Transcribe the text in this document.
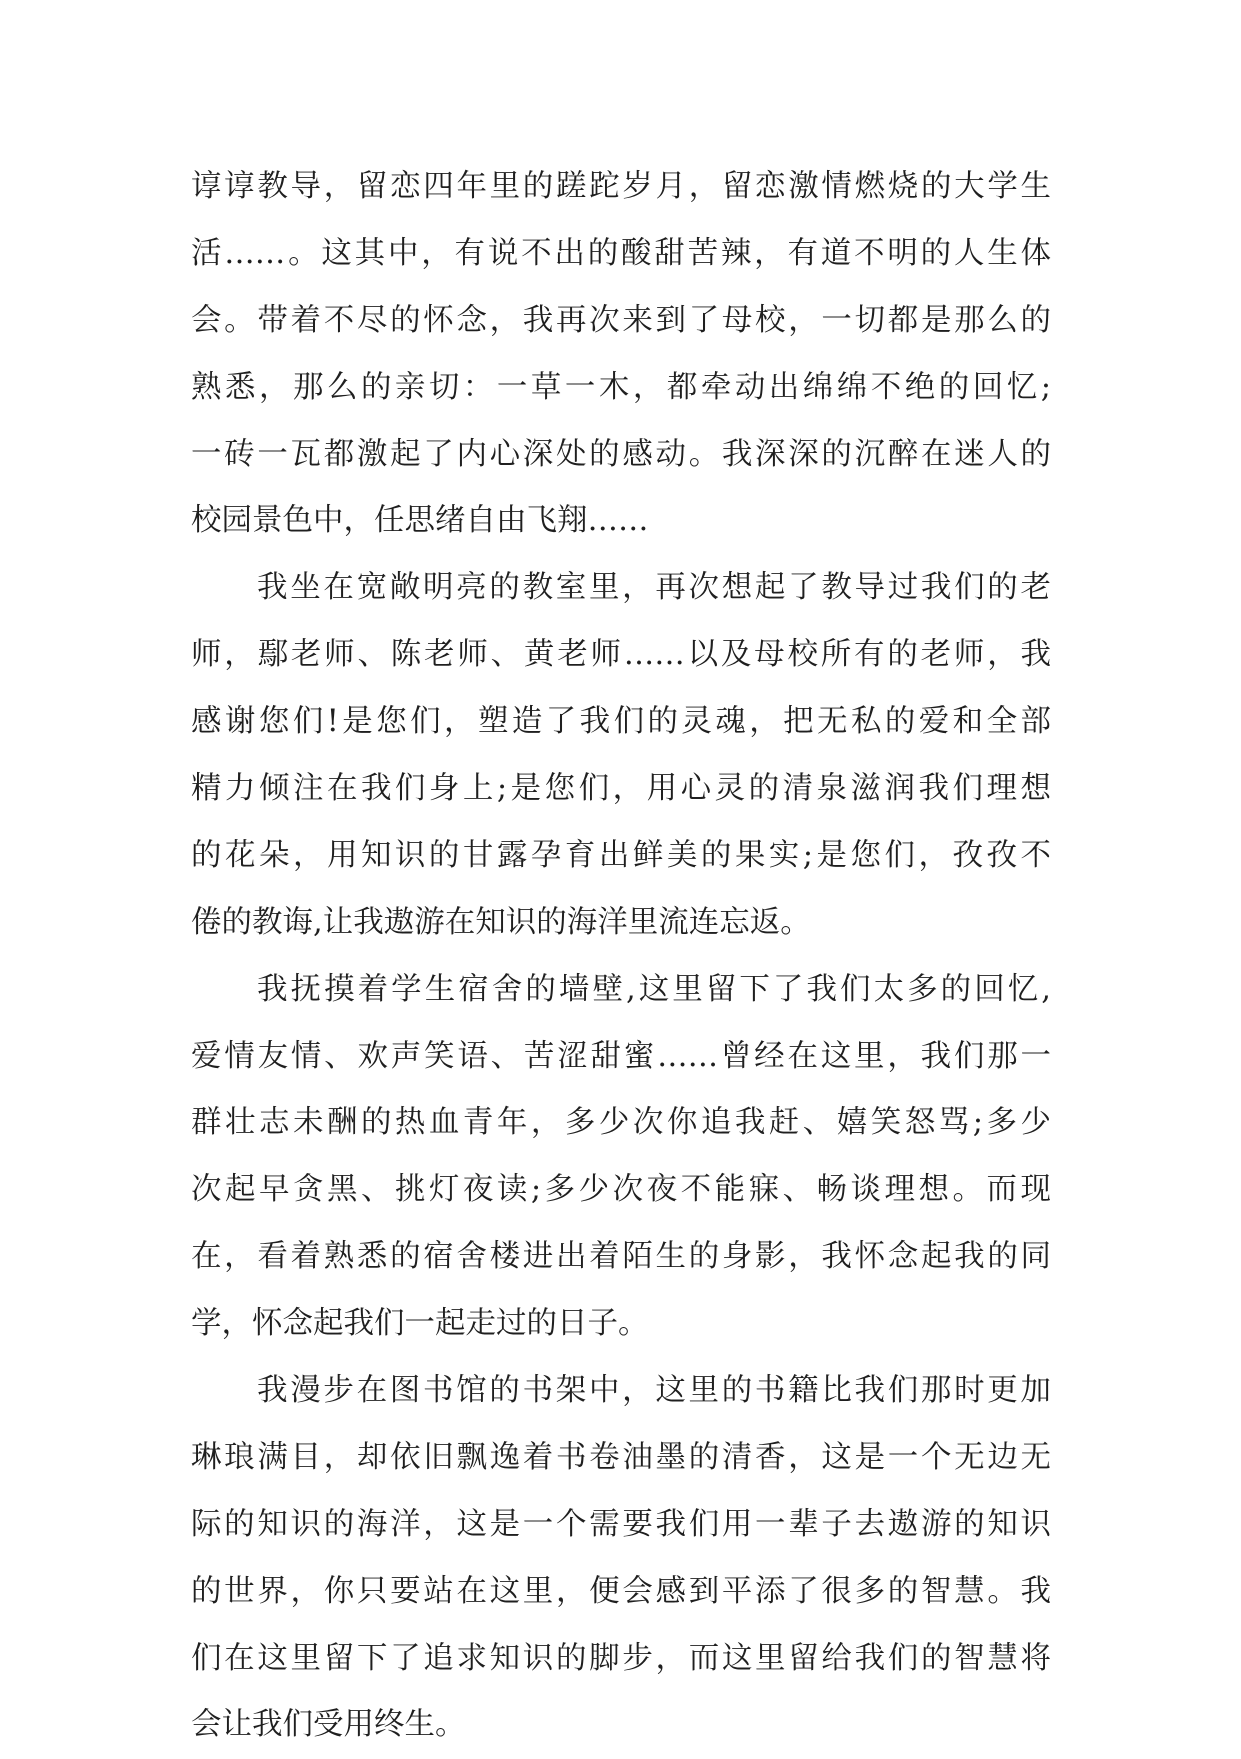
谆谆教导，留恋四年里的蹉跎岁月，留恋激情燃烧的大学生
活……。这其中，有说不出的酸甜苦辣，有道不明的人生体
会。带着不尽的怀念，我再次来到了母校，一切都是那么的
熟悉，那么的亲切：一草一木，都牵动出绵绵不绝的回忆;
一砖一瓦都激起了内心深处的感动。我深深的沉醉在迷人的
校园景色中，任思绪自由飞翔……
我坐在宽敞明亮的教室里，再次想起了教导过我们的老
师，鄢老师、陈老师、黄老师……以及母校所有的老师，我
感谢您们!是您们，塑造了我们的灵魂，把无私的爱和全部
精力倾注在我们身上;是您们，用心灵的清泉滋润我们理想
的花朵，用知识的甘露孕育出鲜美的果实;是您们，孜孜不
倦的教诲,让我遨游在知识的海洋里流连忘返。
我抚摸着学生宿舍的墙壁,这里留下了我们太多的回忆,
爱情友情、欢声笑语、苦涩甜蜜……曾经在这里，我们那一
群壮志未酬的热血青年，多少次你追我赶、嬉笑怒骂;多少
次起早贪黑、挑灯夜读;多少次夜不能寐、畅谈理想。而现
在，看着熟悉的宿舍楼进出着陌生的身影，我怀念起我的同
学，怀念起我们一起走过的日子。
我漫步在图书馆的书架中，这里的书籍比我们那时更加
琳琅满目，却依旧飘逸着书卷油墨的清香，这是一个无边无
际的知识的海洋，这是一个需要我们用一辈子去遨游的知识
的世界，你只要站在这里，便会感到平添了很多的智慧。我
们在这里留下了追求知识的脚步，而这里留给我们的智慧将
会让我们受用终生。
